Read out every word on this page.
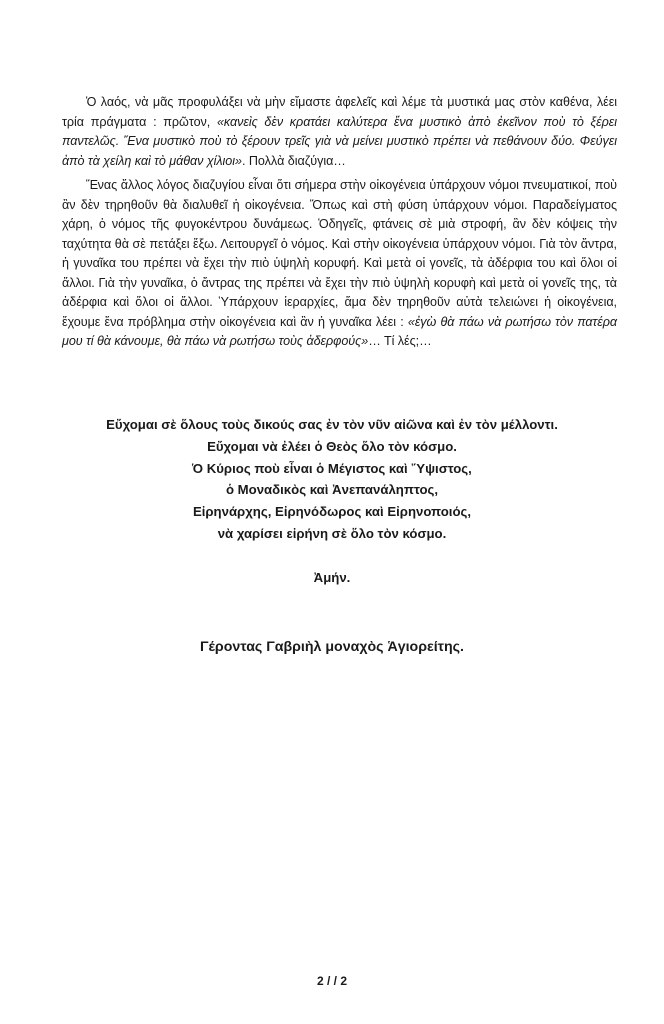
Ὁ λαός, νὰ μᾶς προφυλάξει νὰ μὴν εἴμαστε ἀφελεῖς καὶ λέμε τὰ μυστικά μας στὸν καθένα, λέει τρία πράγματα : πρῶτον, «κανεὶς δὲν κρατάει καλύτερα ἕνα μυστικὸ ἀπὸ ἐκεῖνον ποὺ τὸ ξέρει παντελῶς. Ἕνα μυστικὸ ποὺ τὸ ξέρουν τρεῖς γιὰ νὰ μείνει μυστικὸ πρέπει νὰ πεθάνουν δύο. Φεύγει ἀπὸ τὰ χείλη καὶ τὸ μάθαν χίλιοι». Πολλὰ διαζύγια…

Ἕνας ἄλλος λόγος διαζυγίου εἶναι ὅτι σήμερα στὴν οἰκογένεια ὑπάρχουν νόμοι πνευματικοί, ποὺ ἂν δὲν τηρηθοῦν θὰ διαλυθεῖ ἡ οἰκογένεια. Ὅπως καὶ στὴ φύση ὑπάρχουν νόμοι. Παραδείγματος χάρη, ὁ νόμος τῆς φυγοκέντρου δυνάμεως. Ὁδηγεῖς, φτάνεις σὲ μιὰ στροφή, ἂν δὲν κόψεις τὴν ταχύτητα θὰ σὲ πετάξει ἔξω. Λειτουργεῖ ὁ νόμος. Καὶ στὴν οἰκογένεια ὑπάρχουν νόμοι. Γιὰ τὸν ἄντρα, ἡ γυναῖκα του πρέπει νὰ ἔχει τὴν πιὸ ὑψηλὴ κορυφή. Καὶ μετὰ οἱ γονεῖς, τὰ ἀδέρφια του καὶ ὅλοι οἱ ἄλλοι. Γιὰ τὴν γυναῖκα, ὁ ἄντρας της πρέπει νὰ ἔχει τὴν πιὸ ὑψηλὴ κορυφὴ καὶ μετὰ οἱ γονεῖς της, τὰ ἀδέρφια καὶ ὅλοι οἱ ἄλλοι. Ὑπάρχουν ἱεραρχίες, ἅμα δὲν τηρηθοῦν αὐτὰ τελειώνει ἡ οἰκογένεια, ἔχουμε ἕνα πρόβλημα στὴν οἰκογένεια καὶ ἂν ἡ γυναῖκα λέει : «ἐγὼ θὰ πάω νὰ ρωτήσω τὸν πατέρα μου τί θὰ κάνουμε, θὰ πάω νὰ ρωτήσω τοὺς ἀδερφούς»… Τί λές;…

Εὔχομαι σὲ ὅλους τοὺς δικούς σας ἐν τὸν νῦν αἰῶνα καὶ ἐν τὸν μέλλοντι.
Εὔχομαι νὰ ἐλέει ὁ Θεὸς ὅλο τὸν κόσμο.
Ὁ Κύριος ποὺ εἶναι ὁ Μέγιστος καὶ Ὕψιστος,
ὁ Μοναδικὸς καὶ Ἀνεπανάληπτος,
Εἰρηνάρχης, Εἰρηνόδωρος καὶ Εἰρηνοποιός,
νὰ χαρίσει εἰρήνη σὲ ὅλο τὸν κόσμο.
Ἀμήν.
Γέροντας Γαβριὴλ μοναχὸς Ἁγιορείτης.
2 / / 2
